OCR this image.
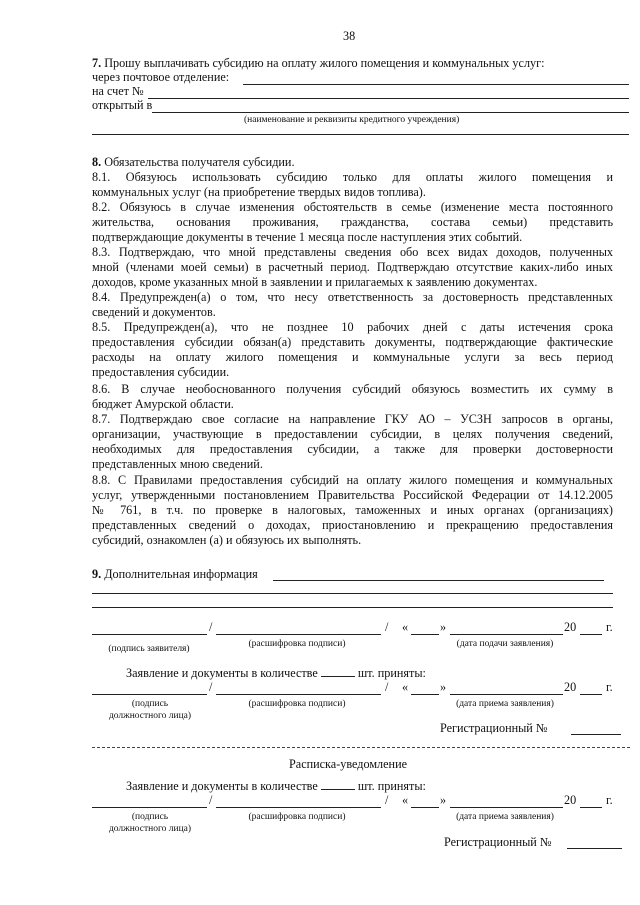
38
7. Прошу выплачивать субсидию на оплату жилого помещения и коммунальных услуг:
через почтовое отделение:
на счет №
открытый в
(наименование и реквизиты кредитного учреждения)
8. Обязательства получателя субсидии.
8.1. Обязуюсь использовать субсидию только для оплаты жилого помещения и
коммунальных услуг (на приобретение твердых видов топлива).
8.2. Обязуюсь в случае изменения обстоятельств в семье (изменение места постоянного
жительства, основания проживания, гражданства, состава семьи) представить
подтверждающие документы в течение 1 месяца после наступления этих событий.
8.3. Подтверждаю, что мной представлены сведения обо всех видах доходов, полученных
мной (членами моей семьи) в расчетный период. Подтверждаю отсутствие каких-либо иных
доходов, кроме указанных мной в заявлении и прилагаемых к заявлению документах.
8.4. Предупрежден(а) о том, что несу ответственность за достоверность представленных
сведений и документов.
8.5. Предупрежден(а), что не позднее 10 рабочих дней с даты истечения срока
предоставления субсидии обязан(а) представить документы, подтверждающие фактические
расходы на оплату жилого помещения и коммунальные услуги за весь период
предоставления субсидии.
8.6. В случае необоснованного получения субсидий обязуюсь возместить их сумму в
бюджет Амурской области.
8.7. Подтверждаю свое согласие на направление ГКУ АО – УСЗН запросов в органы,
организации, участвующие в предоставлении субсидии, в целях получения сведений,
необходимых для предоставления субсидии, а также для проверки достоверности
представленных мною сведений.
8.8. С Правилами предоставления субсидий на оплату жилого помещения и коммунальных
услуг, утвержденными постановлением Правительства Российской Федерации от 14.12.2005
№ 761, в т.ч. по проверке в налоговых, таможенных и иных органах (организациях)
представленных сведений о доходах, приостановлению и прекращению предоставления
субсидий, ознакомлен (а) и обязуюсь их выполнять.
9. Дополнительная информация
/	/ «	»	20 г.
(подпись заявителя)	(расшифровка подписи)	(дата подачи заявления)
Заявление и документы в количестве	шт. приняты:
/	/ «	»	20 г.
(подпись
должностного лица)
(расшифровка подписи)	(дата приема заявления)
Регистрационный №
Расписка-уведомление
Заявление и документы в количестве	шт. приняты:
/	/ «	»	20 г.
(подпись
должностного лица)
(расшифровка подписи)	(дата приема заявления)
Регистрационный №
